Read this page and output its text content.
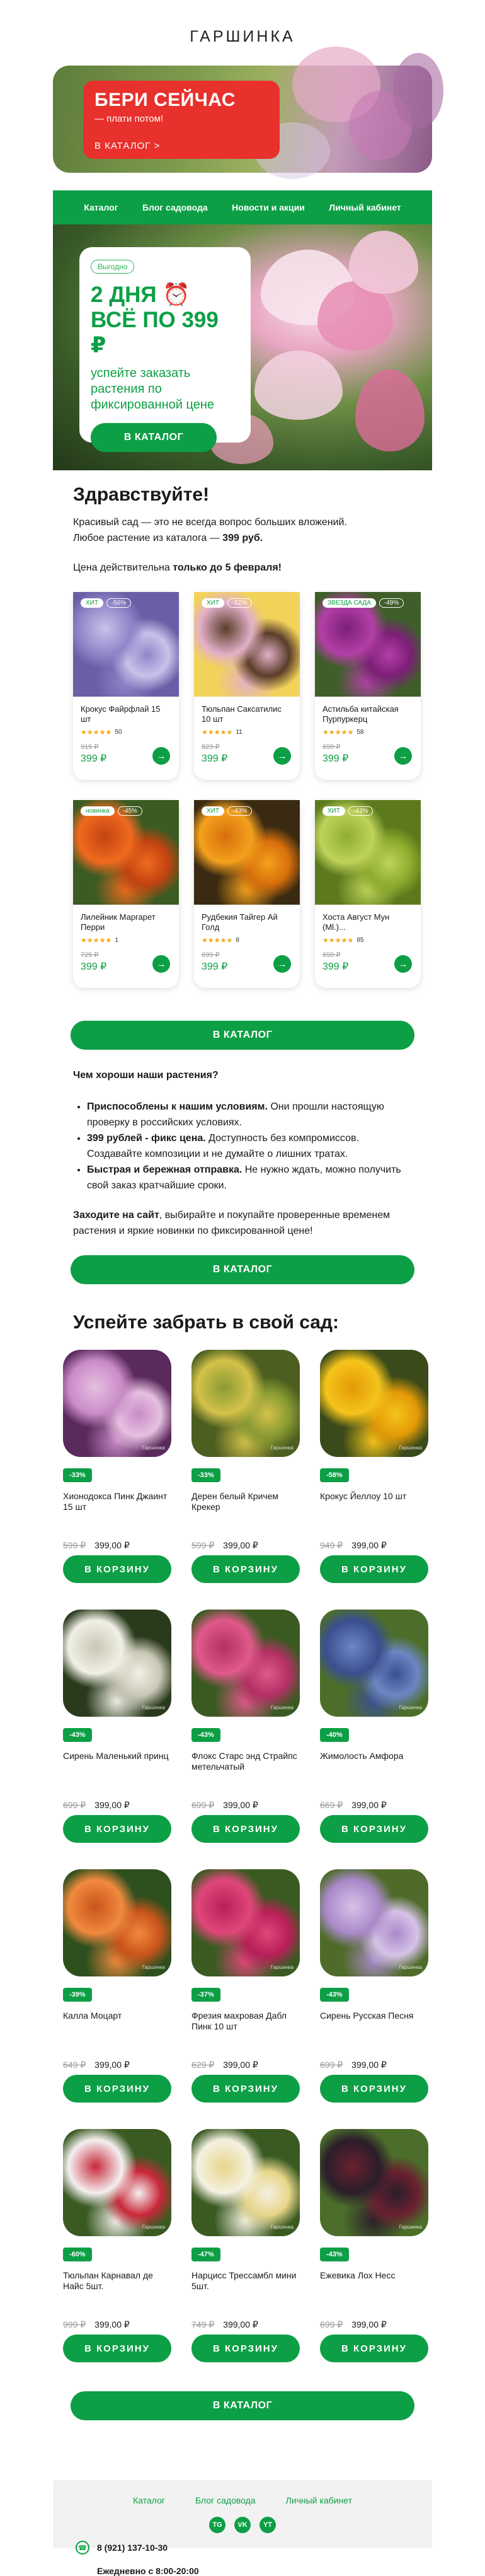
ГАРШИНКА
БЕРИ СЕЙЧАС
— плати потом!
В КАТАЛОГ >
Каталог	Блог садовода	Новости и акции	Личный кабинет
Выгодно
2 ДНЯ ⏰
ВСЁ ПО 399 ₽
успейте заказать растения по фиксированной цене
В КАТАЛОГ
Здравствуйте!

Красивый сад — это не всегда вопрос больших вложений.

Любое растение из каталога — 399 руб.

Цена действительна только до 5 февраля!

ХИТ	-56%
Крокус Файрфлай 15 шт
★★★★★ 50
915 ₽
399 ₽	→
ХИТ	-52%
Тюльпан Саксатилис 10 шт
★★★★★ 11
829 ₽
399 ₽	→
ЗВЕЗДА САДА	-49%
Астильба китайская Пурпуркерц
★★★★★ 58
699 ₽
399 ₽	→
новинка	-45%
Лилейник Маргарет Перри
★★★★★ 1
725 ₽
399 ₽	→
ХИТ	-43%
Рудбекия Тайгер Ай Голд
★★★★★ 8
699 ₽
399 ₽	→
ХИТ	-43%
Хоста Август Мун (Ml.)...
★★★★★ 85
699 ₽
399 ₽	→
В КАТАЛОГ
Чем хороши наши растения?
• Приспособлены к нашим условиям. Они прошли настоящую проверку в российских условиях.
• 399 рублей - фикс цена. Доступность без компромиссов. Создавайте композиции и не думайте о лишних тратах.
• Быстрая и бережная отправка. Не нужно ждать, можно получить свой заказ кратчайшие сроки.

Заходите на сайт, выбирайте и покупайте проверенные временем растения и яркие новинки по фиксированной цене!

В КАТАЛОГ
Успейте забрать в свой сад:
Гаршинка
-33%
Хионодокса Пинк Джаинт 15 шт
599 ₽ 399,00 ₽
В КОРЗИНУ
Гаршинка
-33%
Дерен белый Кричем Крекер
599 ₽ 399,00 ₽
В КОРЗИНУ
Гаршинка
-58%
Крокус Йеллоу 10 шт
949 ₽ 399,00 ₽
В КОРЗИНУ
Гаршинка
-43%
Сирень Маленький принц
699 ₽ 399,00 ₽
В КОРЗИНУ
Гаршинка
-43%
Флокс Старс энд Страйпс метельчатый
699 ₽ 399,00 ₽
В КОРЗИНУ
Гаршинка
-40%
Жимолость Амфора
669 ₽ 399,00 ₽
В КОРЗИНУ
Гаршинка
-39%
Калла Моцарт
649 ₽ 399,00 ₽
В КОРЗИНУ
Гаршинка
-37%
Фрезия махровая Дабл Пинк 10 шт
629 ₽ 399,00 ₽
В КОРЗИНУ
Гаршинка
-43%
Сирень Русская Песня
699 ₽ 399,00 ₽
В КОРЗИНУ
Гаршинка
-60%
Тюльпан Карнавал де Найс 5шт.
999 ₽ 399,00 ₽
В КОРЗИНУ
Гаршинка
-47%
Нарцисс Трессамбл мини 5шт.
749 ₽ 399,00 ₽
В КОРЗИНУ
Гаршинка
-43%
Ежевика Лох Несс
699 ₽ 399,00 ₽
В КОРЗИНУ
В КАТАЛОГ
Каталог	Блог садовода	Личный кабинет
TG	VK	YT
☎ 8 (921) 137-10-30
Ежедневно с 8:00-20:00
